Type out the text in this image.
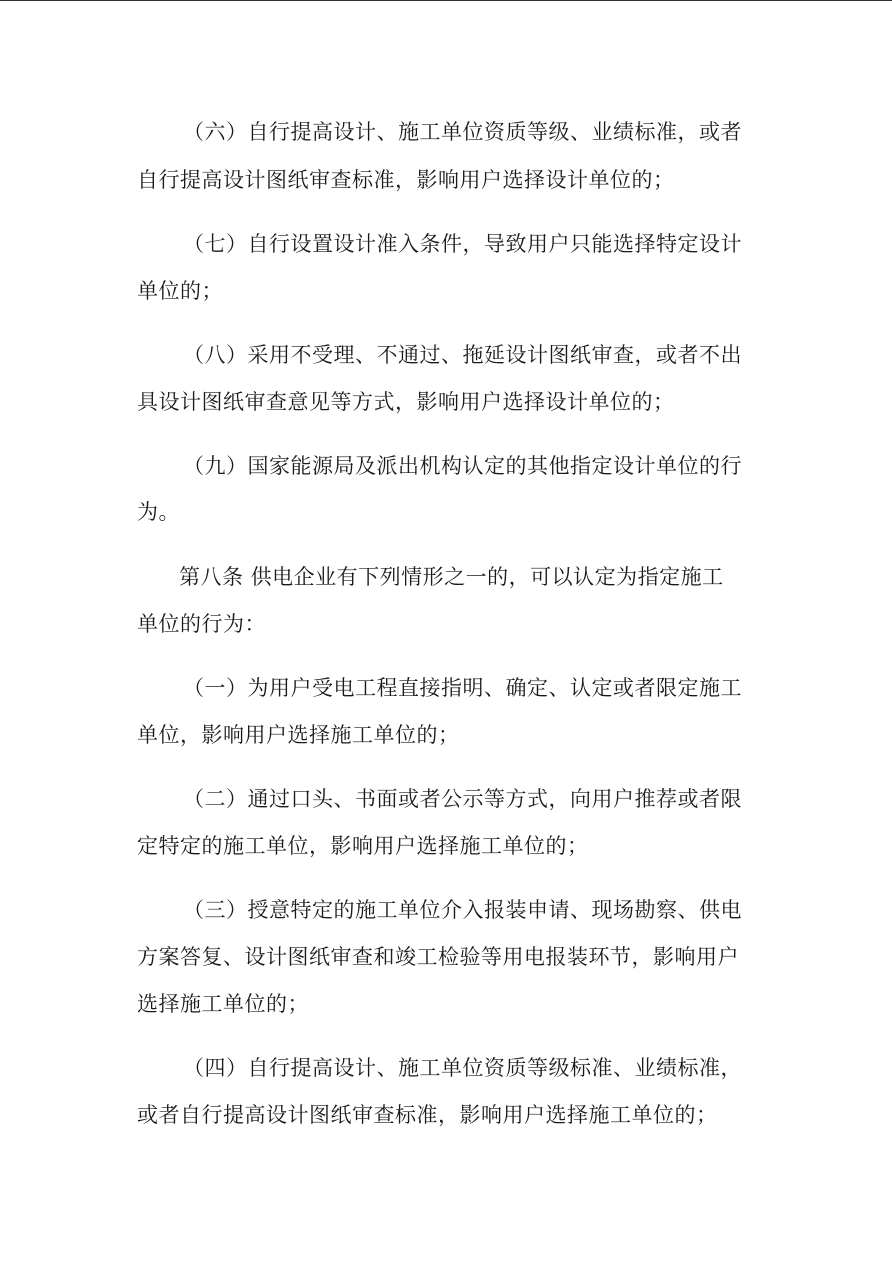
（六）自行提高设计、施工单位资质等级、业绩标准，或者
自行提高设计图纸审查标准，影响用户选择设计单位的；
（七）自行设置设计准入条件，导致用户只能选择特定设计
单位的；
（八）采用不受理、不通过、拖延设计图纸审查，或者不出
具设计图纸审查意见等方式，影响用户选择设计单位的；
（九）国家能源局及派出机构认定的其他指定设计单位的行
为。
第八条 供电企业有下列情形之一的，可以认定为指定施工
单位的行为：
（一）为用户受电工程直接指明、确定、认定或者限定施工
单位，影响用户选择施工单位的；
（二）通过口头、书面或者公示等方式，向用户推荐或者限
定特定的施工单位，影响用户选择施工单位的；
（三）授意特定的施工单位介入报装申请、现场勘察、供电
方案答复、设计图纸审查和竣工检验等用电报装环节，影响用户
选择施工单位的；
（四）自行提高设计、施工单位资质等级标准、业绩标准，
或者自行提高设计图纸审查标准，影响用户选择施工单位的；
